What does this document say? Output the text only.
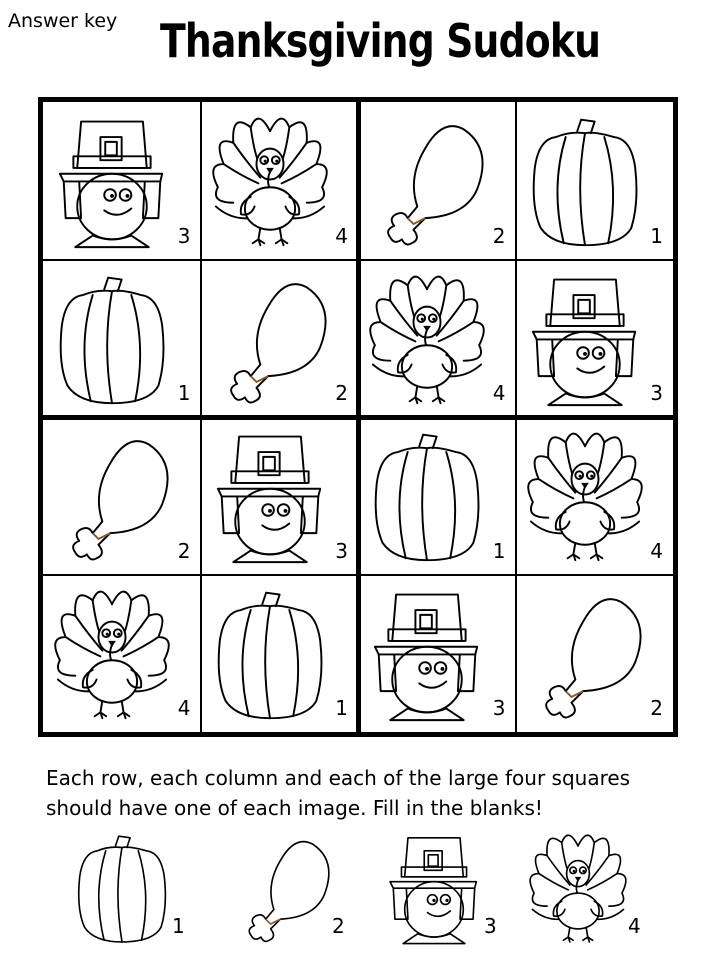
Answer key Thanksgiving Sudoku
3	4	2	1
1	2	4	3
2	3	1	4
4	1	3	2
Each row, each column and each of the large four squares
should have one of each image. Fill in the blanks!
1	2	3	4
